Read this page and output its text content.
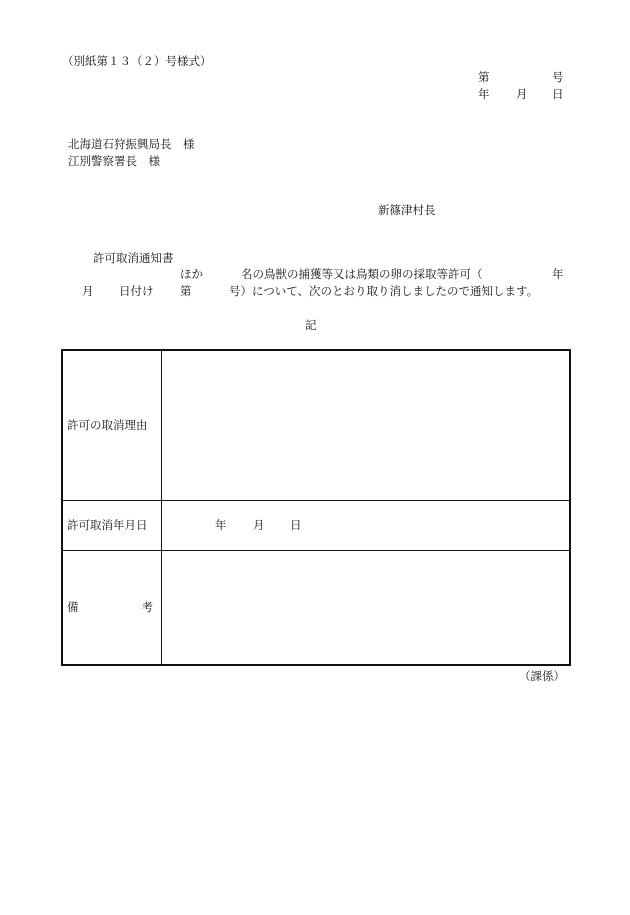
（別紙第１３（２）号様式）
第	号
年 月 日
北海道石狩振興局長　様
江別警察署長　様
新篠津村長
許可取消通知書
ほか	名の鳥獣の捕獲等又は鳥類の卵の採取等許可（	年
月 日付け 第	号）について、次のとおり取り消しましたので通知します。
記
許可の取消理由
許可取消年月日	年 月 日
備	考
（課係）
